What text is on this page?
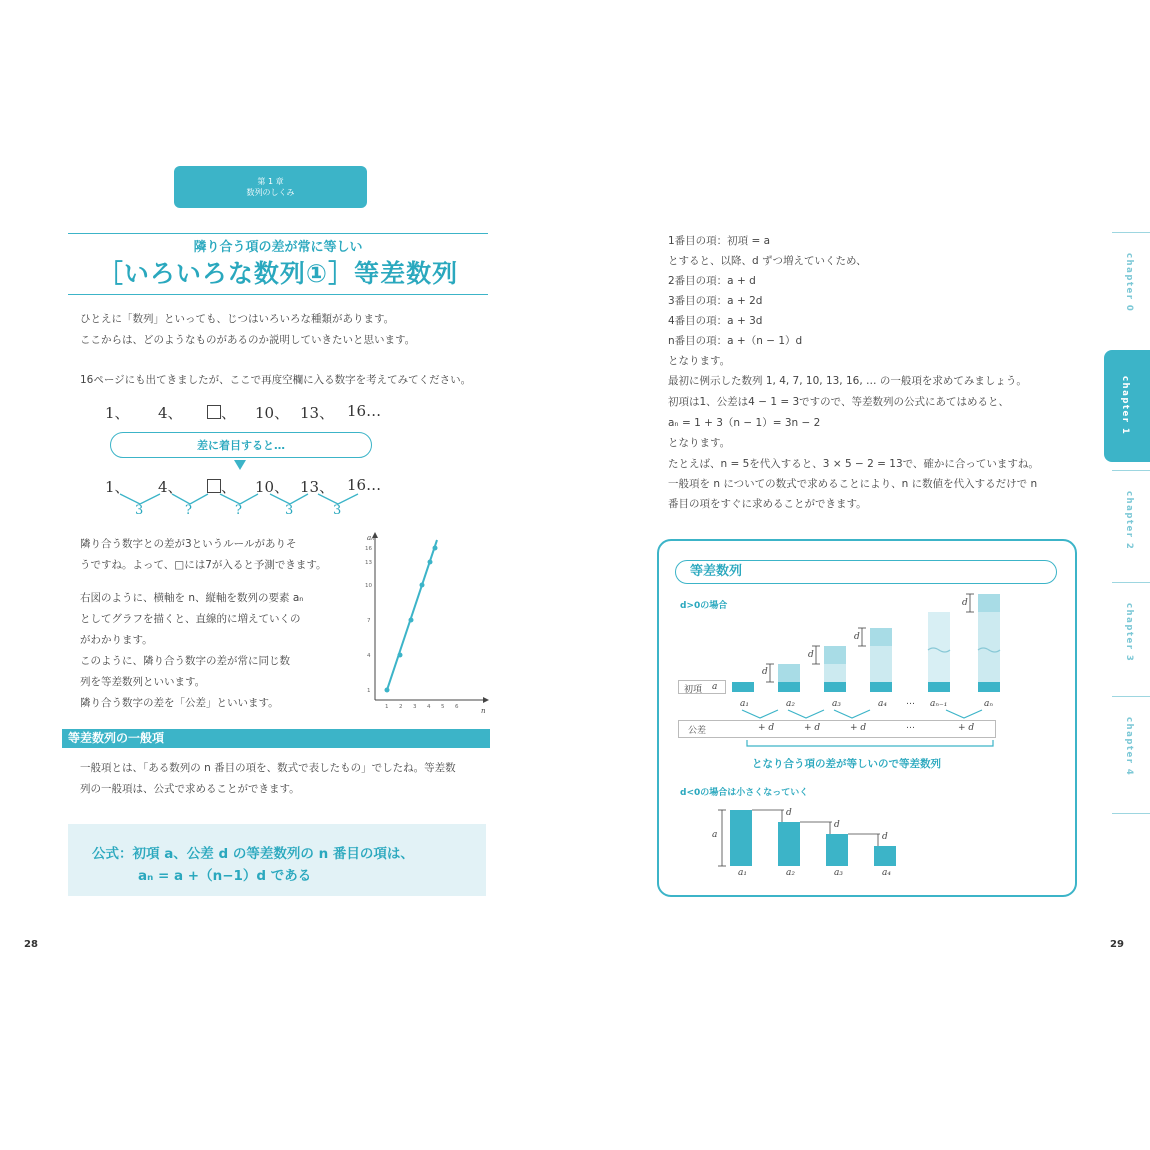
第 1 章
数列のしくみ
隣り合う項の差が常に等しい
［いろいろな数列①］等差数列
ひとえに「数列」といっても、じつはいろいろな種類があります。
ここからは、どのようなものがあるのか説明していきたいと思います。
16ページにも出てきましたが、ここで再度空欄に入る数字を考えてみてください。
1、 4、	、 10、 13、 16…
差に着目すると…
1、 4、	、 10、 13、 16…
3	?	?	3	3
隣り合う数字との差が3というルールがありそ
うですね。よって、□には7が入ると予測できます。
右図のように、横軸を n、縦軸を数列の要素 aₙ
としてグラフを描くと、直線的に増えていくの
がわかります。
このように、隣り合う数字の差が常に同じ数
列を等差数列といいます。
隣り合う数字の差を「公差」といいます。
aₙ
n
1
4
7
10
13
16
1 2 3 4 5 6
等差数列の一般項
一般項とは、「ある数列の n 番目の項を、数式で表したもの」でしたね。等差数
列の一般項は、公式で求めることができます。
公式：初項 a、公差 d の等差数列の n 番目の項は、
aₙ = a +（n−1）d である
28
1番目の項：初項 = a
とすると、以降、d ずつ増えていくため、
2番目の項：a + d
3番目の項：a + 2d
4番目の項：a + 3d
n番目の項：a +（n − 1）d
となります。
最初に例示した数列 1, 4, 7, 10, 13, 16, … の一般項を求めてみましょう。
初項は1、公差は4 − 1 = 3ですので、等差数列の公式にあてはめると、
aₙ = 1 + 3（n − 1）= 3n − 2
となります。
たとえば、n = 5を代入すると、3 × 5 − 2 = 13で、確かに合っていますね。
一般項を n についての数式で求めることにより、n に数値を代入するだけで n
番目の項をすぐに求めることができます。
chapter 0
chapter 1
chapter 2
chapter 3
chapter 4
等差数列
d>0の場合
d
d
d
d
初項 a
a₁	a₂	a₃	a₄ … aₙ₋₁	aₙ
公差	+ d	+ d	+ d	…	+ d
となり合う項の差が等しいので等差数列
d<0の場合は小さくなっていく
a
d
d
d
a₁	a₂	a₃	a₄
29
